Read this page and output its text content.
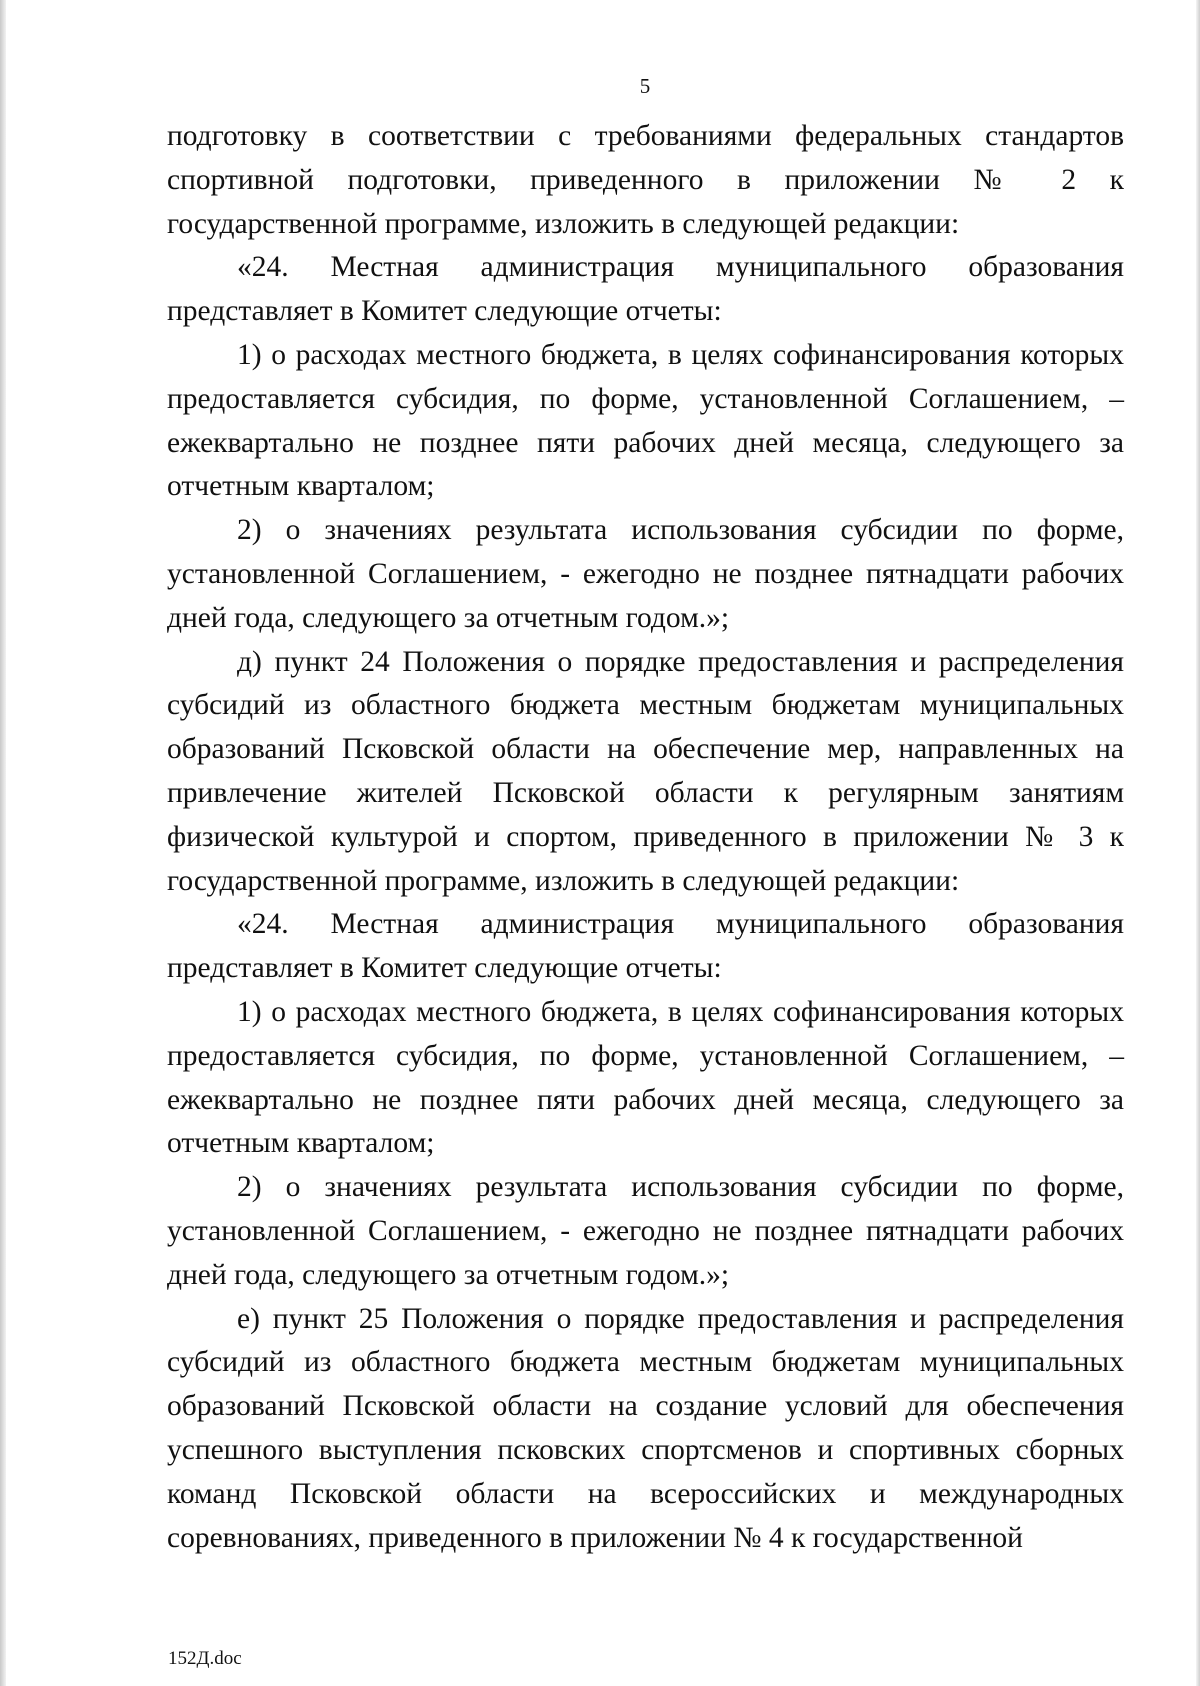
5

подготовку в соответствии с требованиями федеральных стандартов спортивной подготовки, приведенного в приложении № 2 к государственной программе, изложить в следующей редакции:

«24. Местная администрация муниципального образования представляет в Комитет следующие отчеты:

1) о расходах местного бюджета, в целях софинансирования которых предоставляется субсидия, по форме, установленной Соглашением, – ежеквартально не позднее пяти рабочих дней месяца, следующего за отчетным кварталом;

2) о значениях результата использования субсидии по форме, установленной Соглашением, - ежегодно не позднее пятнадцати рабочих дней года, следующего за отчетным годом.»;

д) пункт 24 Положения о порядке предоставления и распределения субсидий из областного бюджета местным бюджетам муниципальных образований Псковской области на обеспечение мер, направленных на привлечение жителей Псковской области к регулярным занятиям физической культурой и спортом, приведенного в приложении № 3 к государственной программе, изложить в следующей редакции:

«24. Местная администрация муниципального образования представляет в Комитет следующие отчеты:

1) о расходах местного бюджета, в целях софинансирования которых предоставляется субсидия, по форме, установленной Соглашением, – ежеквартально не позднее пяти рабочих дней месяца, следующего за отчетным кварталом;

2) о значениях результата использования субсидии по форме, установленной Соглашением, - ежегодно не позднее пятнадцати рабочих дней года, следующего за отчетным годом.»;

е) пункт 25 Положения о порядке предоставления и распределения субсидий из областного бюджета местным бюджетам муниципальных образований Псковской области на создание условий для обеспечения успешного выступления псковских спортсменов и спортивных сборных команд Псковской области на всероссийских и международных соревнованиях, приведенного в приложении № 4 к государственной

152Д.doc
